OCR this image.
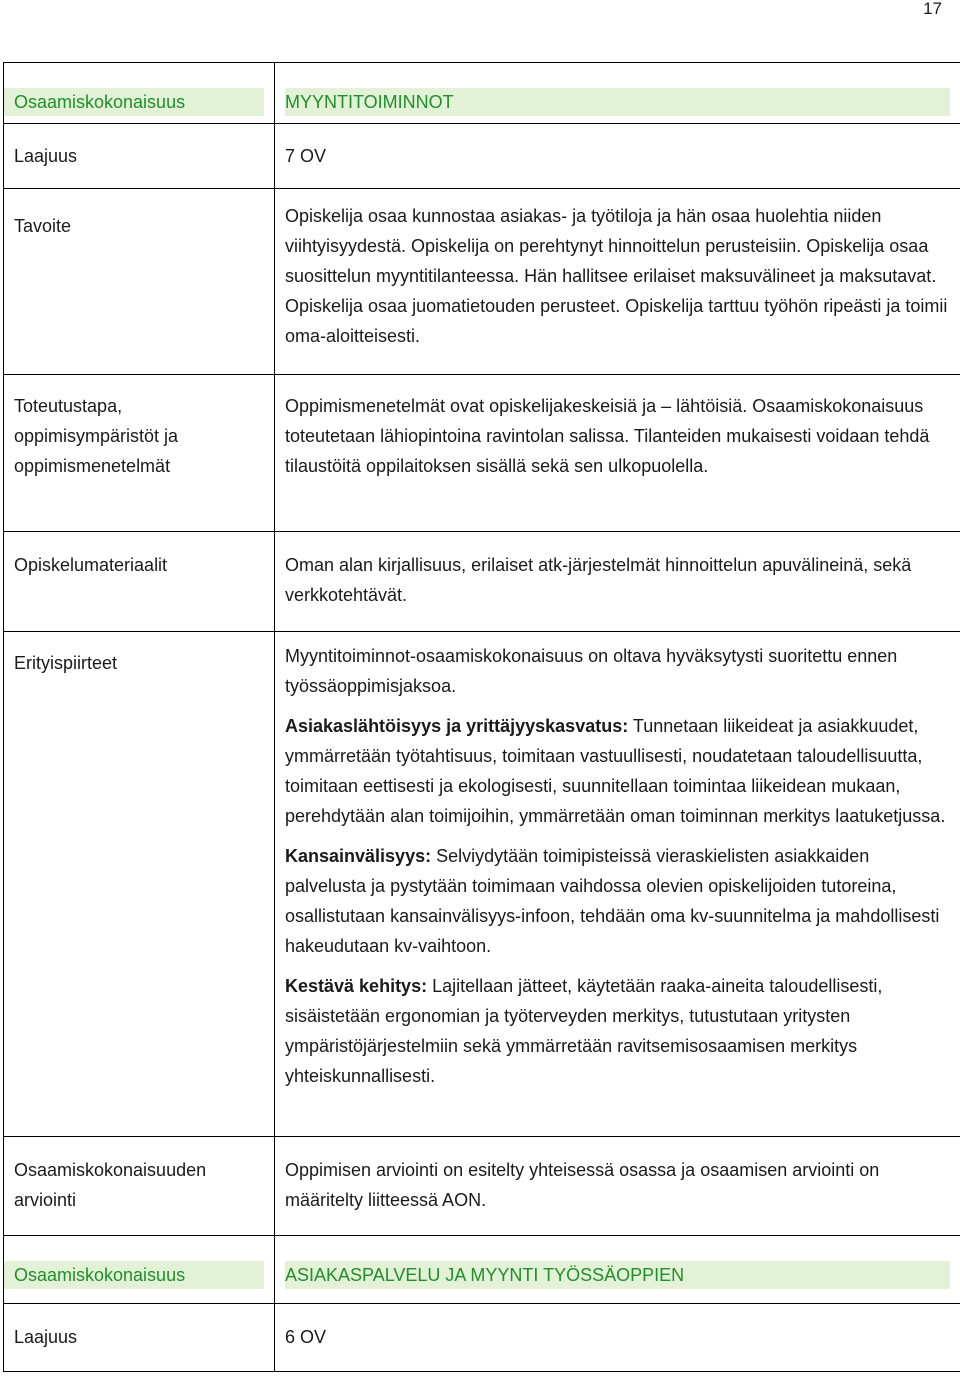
17
Osaamiskokonaisuus	MYYNTITOIMINNOT

Laajuus	7 OV

Tavoite	Opiskelija osaa kunnostaa asiakas- ja työtiloja ja hän osaa huolehtia niiden viihtyisyydestä. Opiskelija on perehtynyt hinnoittelun perusteisiin. Opiskelija osaa suosittelun myyntitilanteessa. Hän hallitsee erilaiset maksuvälineet ja maksutavat. Opiskelija osaa juomatietouden perusteet. Opiskelija tarttuu työhön ripeästi ja toimii oma-aloitteisesti.

Toteutustapa, oppimisympäristöt ja oppimismenetelmät	Oppimismenetelmät ovat opiskelijakeskeisiä ja – lähtöisiä. Osaamiskokonaisuus toteutetaan lähiopintoina ravintolan salissa. Tilanteiden mukaisesti voidaan tehdä tilaustöitä oppilaitoksen sisällä sekä sen ulkopuolella.

Opiskelumateriaalit	Oman alan kirjallisuus, erilaiset atk-järjestelmät hinnoittelun apuvälineinä, sekä verkkotehtävät.

Erityispiirteet	Myyntitoiminnot-osaamiskokonaisuus on oltava hyväksytysti suoritettu ennen työssäoppimisjaksoa.

Asiakaslähtöisyys ja yrittäjyyskasvatus: Tunnetaan liikeideat ja asiakkuudet, ymmärretään työtahtisuus, toimitaan vastuullisesti, noudatetaan taloudellisuutta, toimitaan eettisesti ja ekologisesti, suunnitellaan toimintaa liikeidean mukaan, perehdytään alan toimijoihin, ymmärretään oman toiminnan merkitys laatuketjussa.

Kansainvälisyys: Selviydytään toimipisteissä vieraskielisten asiakkaiden palvelusta ja pystytään toimimaan vaihdossa olevien opiskelijoiden tutoreina, osallistutaan kansainvälisyys-infoon, tehdään oma kv-suunnitelma ja mahdollisesti hakeudutaan kv-vaihtoon.

Kestävä kehitys: Lajitellaan jätteet, käytetään raaka-aineita taloudellisesti, sisäistetään ergonomian ja työterveyden merkitys, tutustutaan yritysten ympäristöjärjestelmiin sekä ymmärretään ravitsemisosaamisen merkitys yhteiskunnallisesti.

Osaamiskokonaisuuden arviointi	Oppimisen arviointi on esitelty yhteisessä osassa ja osaamisen arviointi on määritelty liitteessä AON.

Osaamiskokonaisuus	ASIAKASPALVELU JA MYYNTI TYÖSSÄOPPIEN

Laajuus	6 OV
